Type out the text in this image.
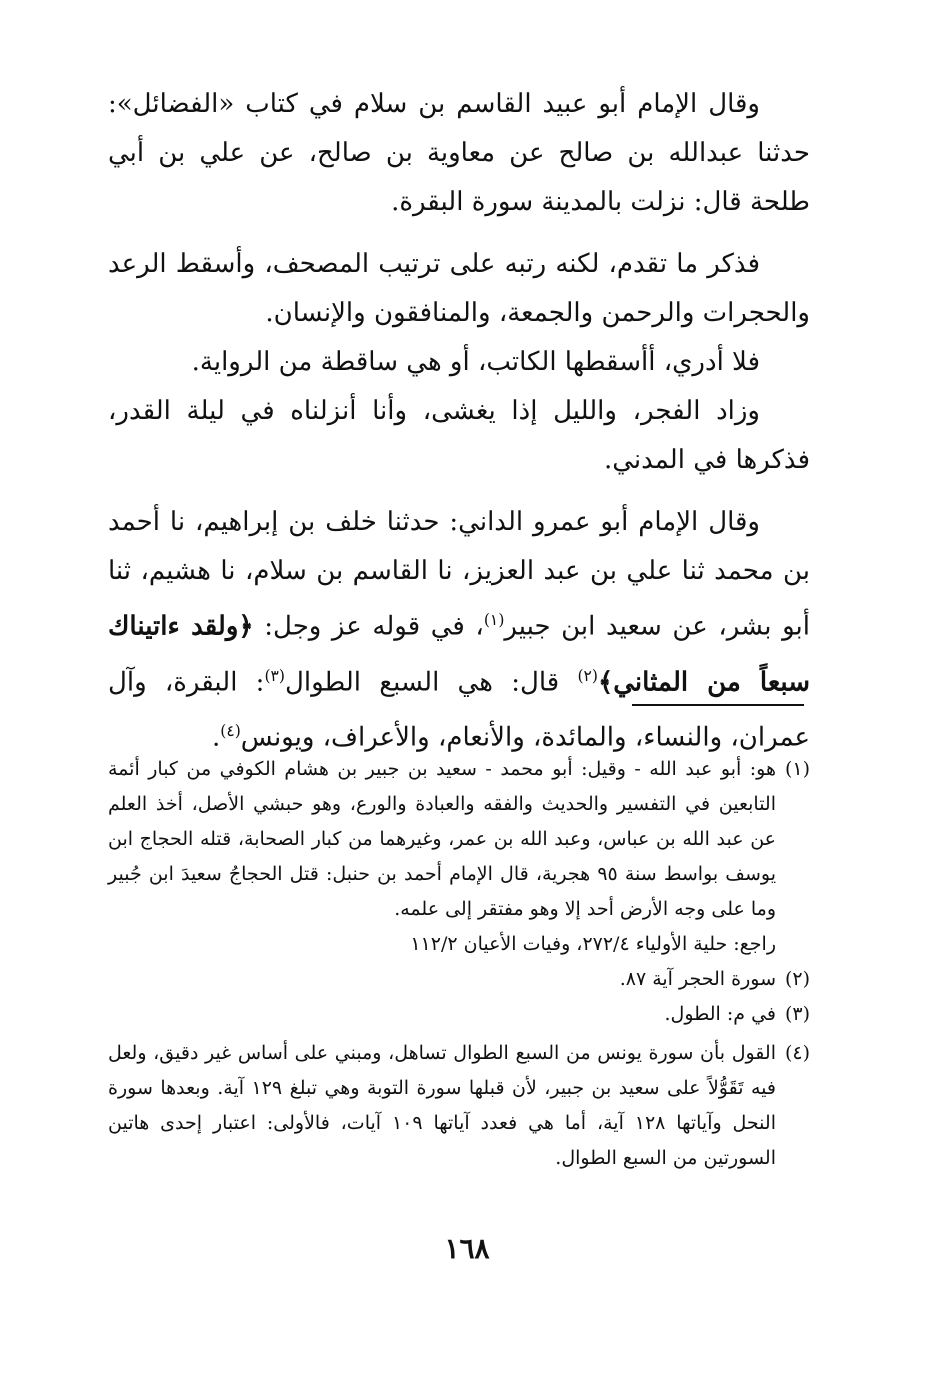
وقال الإمام أبو عبيد القاسم بن سلام في كتاب «الفضائل»: حدثنا عبدالله بن صالح عن معاوية بن صالح، عن علي بن أبي طلحة قال: نزلت بالمدينة سورة البقرة.

فذكر ما تقدم، لكنه رتبه على ترتيب المصحف، وأسقط الرعد والحجرات والرحمن والجمعة، والمنافقون والإنسان.

فلا أدري، أأسقطها الكاتب، أو هي ساقطة من الرواية.

وزاد الفجر، والليل إذا يغشى، وأنا أنزلناه في ليلة القدر، فذكرها في المدني.

وقال الإمام أبو عمرو الداني: حدثنا خلف بن إبراهيم، نا أحمد بن محمد ثنا علي بن عبد العزيز، نا القاسم بن سلام، نا هشيم، ثنا أبو بشر، عن سعيد ابن جبير$^{(١)}$، في قوله عز وجل: ﴿ولقد ءاتيناك سبعاً من المثاني﴾$^{(٢)}$ قال: هي السبع الطوال$^{(٣)}$: البقرة، وآل عمران، والنساء، والمائدة، والأنعام، والأعراف، ويونس$^{(٤)}$.

(١)
هو: أبو عبد الله - وقيل: أبو محمد - سعيد بن جبير بن هشام الكوفي من كبار أئمة التابعين في التفسير والحديث والفقه والعبادة والورع، وهو حبشي الأصل، أخذ العلم عن عبد الله بن عباس، وعبد الله بن عمر، وغيرهما من كبار الصحابة، قتله الحجاج ابن يوسف بواسط سنة ٩٥ هجرية، قال الإمام أحمد بن حنبل: قتل الحجاجُ سعيدَ ابن جُبير وما على وجه الأرض أحد إلا وهو مفتقر إلى علمه.

راجع: حلية الأولياء ٢٧٢/٤، وفيات الأعيان ١١٢/٢

(٢)
سورة الحجر آية ٨٧.

(٣)
في م: الطول.

(٤)
القول بأن سورة يونس من السبع الطوال تساهل، ومبني على أساس غير دقيق، ولعل فيه تَقَوُّلاً على سعيد بن جبير، لأن قبلها سورة التوبة وهي تبلغ ١٢٩ آية. وبعدها سورة النحل وآياتها ١٢٨ آية، أما هي فعدد آياتها ١٠٩ آيات، فالأولى: اعتبار إحدى هاتين السورتين من السبع الطوال.

١٦٨
